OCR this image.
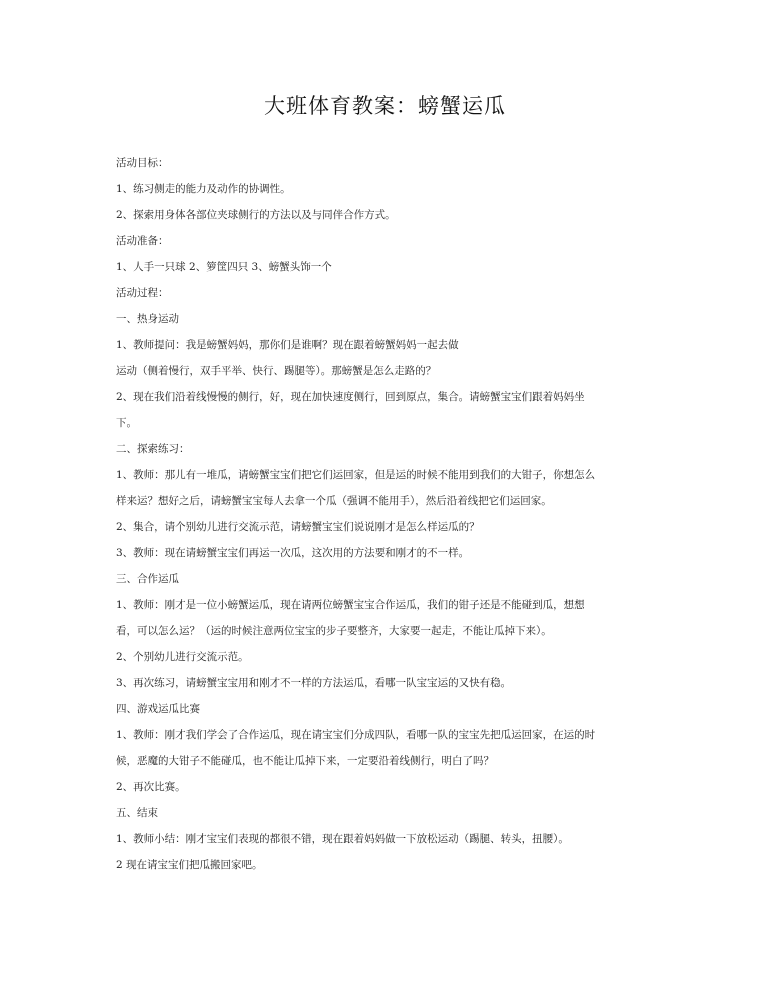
大班体育教案：螃蟹运瓜

活动目标：

1、练习侧走的能力及动作的协调性。

2、探索用身体各部位夹球侧行的方法以及与同伴合作方式。

活动准备：

1、人手一只球 2、箩筐四只 3、螃蟹头饰一个

活动过程：

一、热身运动

1、教师提问：我是螃蟹妈妈，那你们是谁啊？现在跟着螃蟹妈妈一起去做

运动（侧着慢行，双手平举、快行、踢腿等）。那螃蟹是怎么走路的？

2、现在我们沿着线慢慢的侧行，好，现在加快速度侧行，回到原点，集合。请螃蟹宝宝们跟着妈妈坐

下。

二、探索练习：

1、教师：那儿有一堆瓜，请螃蟹宝宝们把它们运回家，但是运的时候不能用到我们的大钳子，你想怎么

样来运？想好之后，请螃蟹宝宝每人去拿一个瓜（强调不能用手），然后沿着线把它们运回家。

2、集合，请个别幼儿进行交流示范，请螃蟹宝宝们说说刚才是怎么样运瓜的？

3、教师：现在请螃蟹宝宝们再运一次瓜，这次用的方法要和刚才的不一样。

三、合作运瓜

1、教师：刚才是一位小螃蟹运瓜，现在请两位螃蟹宝宝合作运瓜，我们的钳子还是不能碰到瓜，想想

看，可以怎么运？（运的时候注意两位宝宝的步子要整齐，大家要一起走，不能让瓜掉下来）。

2、个别幼儿进行交流示范。

3、再次练习，请螃蟹宝宝用和刚才不一样的方法运瓜，看哪一队宝宝运的又快有稳。

四、游戏运瓜比赛

1、教师：刚才我们学会了合作运瓜，现在请宝宝们分成四队，看哪一队的宝宝先把瓜运回家，在运的时

候，恶魔的大钳子不能碰瓜，也不能让瓜掉下来，一定要沿着线侧行，明白了吗？

2、再次比赛。

五、结束

1、教师小结：刚才宝宝们表现的都很不错，现在跟着妈妈做一下放松运动（踢腿、转头，扭腰）。

2 现在请宝宝们把瓜搬回家吧。
